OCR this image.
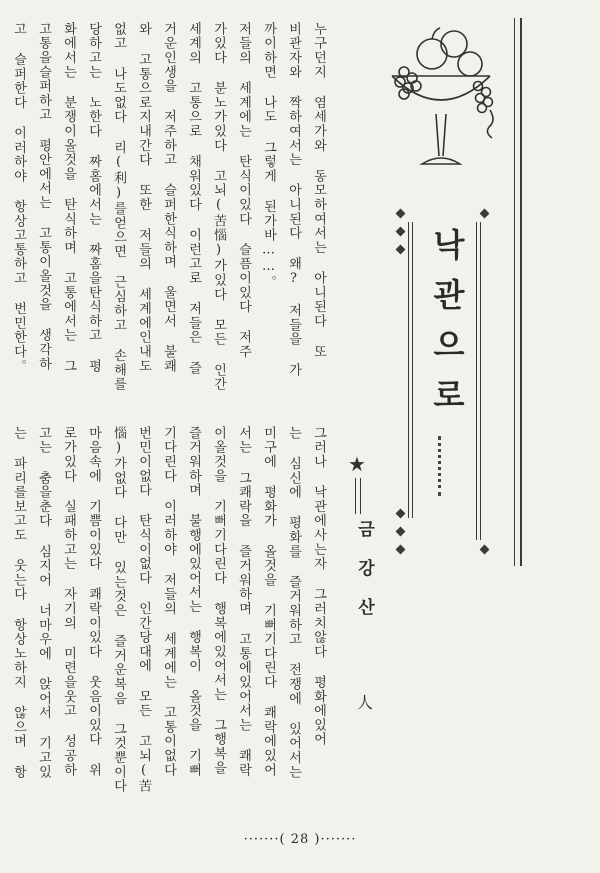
낙관으로
★
금강산
人
누구던지 염세가와 동모하여서는 아니된다 또
비관자와 짝하여서는 아니된다 왜? 저들을 가
까이하면 나도 그렇게 된가바……。
저들의 세계에는 탄식이있다 슬픔이있다 저주
가있다 분노가있다 고뇌(苦惱)가있다 모든 인간
세계의 고통으로 채워있다 이런고로 저들은 즐
거운인생을 저주하고 슬퍼한식하며 울면서 불쾌
와 고통으로지내간다 또한 저들의 세계에인내도
없고 나도없다 리(利)를얻으면 근심하고 손해를
당하고는 노한다 짜홈에서는 짜홈을탄식하고 평
화에서는 분쟁이올것을 탄식하며 고통에서는 그
고통을슬퍼하고 평안에서는 고통이올것을 생각하
고 슬퍼한다 이러하야 항상고통하고 번민한다。
그러나 낙관에사는자 그러치않다 평화에있어
는 심신에 평화를 즐거워하고 전쟁에 있어서는
미구에 평화가 올것을 기뻐기다린다 쾌락에있어
서는 그쾌락을 즐거워하며 고통에있어서는 쾌락
이올것을 기뻐기다린다 행복에있어서는 그행복을
즐거워하며 불행에있어서는 행복이 올것을 기뻐
기다린다 이러하야 저들의 세계에는 고통이없다
번민이없다 탄식이없다 인간당대에 모든 고뇌(苦
惱)가없다 다만 있는것은 즐거운복음 그것뿐이다
마음속에 기쁨이있다 쾌락이있다 웃음이있다 위
로가있다 실패하고는 자기의 미련을웃고 성공하
고는 춤을춘다 심지어 너마우에 앉어서 기고있
는 파리를보고도 웃는다 항상노하지 않으며 항
·······( 28 )·······
